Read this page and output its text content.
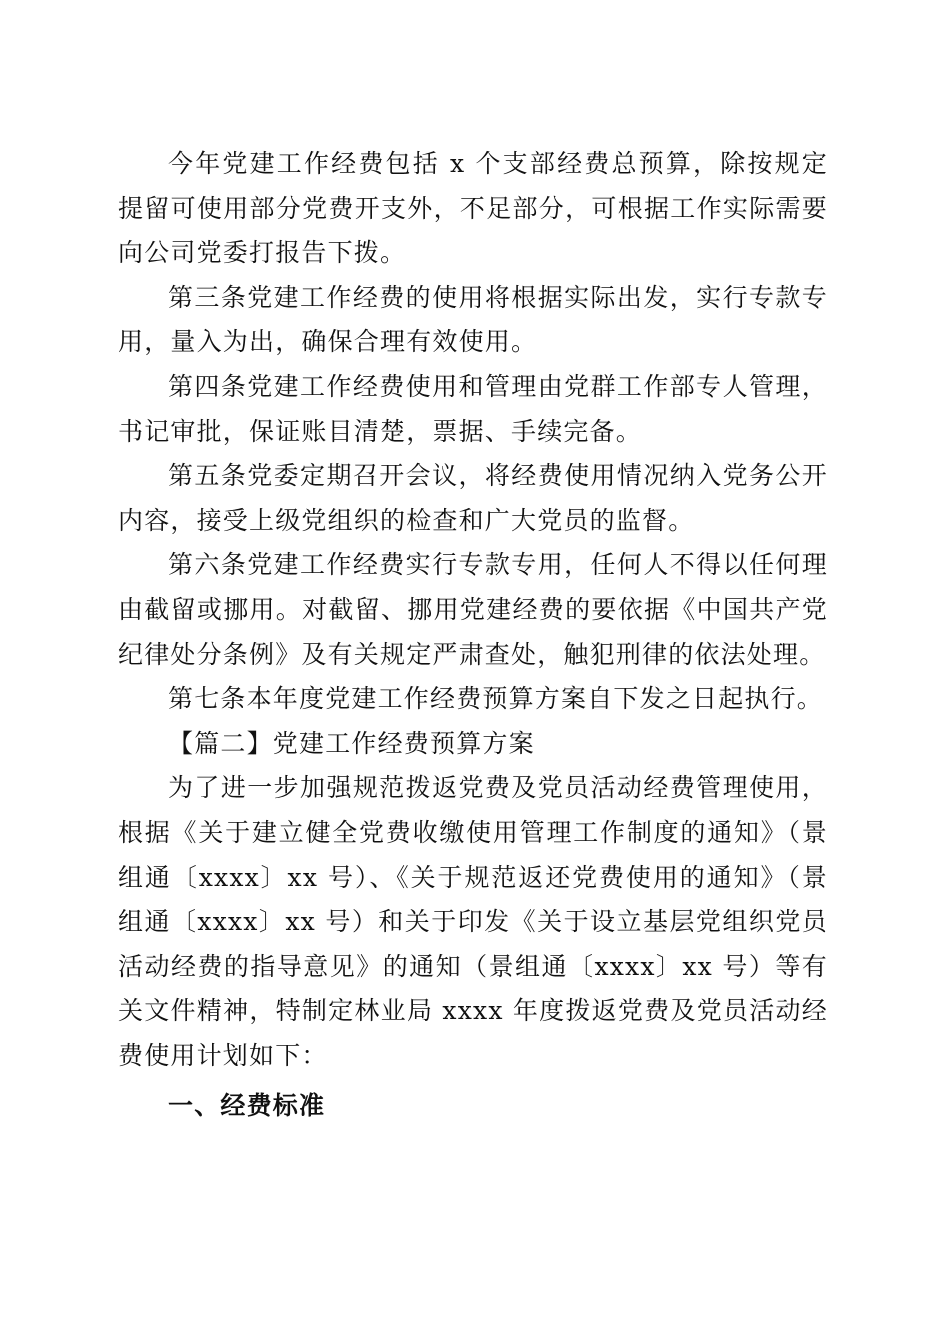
今年党建工作经费包括 x 个支部经费总预算，除按规定提留可使用部分党费开支外，不足部分，可根据工作实际需要向公司党委打报告下拨。

第三条党建工作经费的使用将根据实际出发，实行专款专用，量入为出，确保合理有效使用。

第四条党建工作经费使用和管理由党群工作部专人管理，书记审批，保证账目清楚，票据、手续完备。

第五条党委定期召开会议，将经费使用情况纳入党务公开内容，接受上级党组织的检查和广大党员的监督。

第六条党建工作经费实行专款专用，任何人不得以任何理由截留或挪用。对截留、挪用党建经费的要依据《中国共产党纪律处分条例》及有关规定严肃查处，触犯刑律的依法处理。

第七条本年度党建工作经费预算方案自下发之日起执行。

【篇二】党建工作经费预算方案

为了进一步加强规范拨返党费及党员活动经费管理使用，根据《关于建立健全党费收缴使用管理工作制度的通知》（景组通〔xxxx〕xx 号）、《关于规范返还党费使用的通知》（景组通〔xxxx〕xx 号）和关于印发《关于设立基层党组织党员活动经费的指导意见》的通知（景组通〔xxxx〕xx 号）等有关文件精神，特制定林业局 xxxx 年度拨返党费及党员活动经费使用计划如下：

一、经费标准
